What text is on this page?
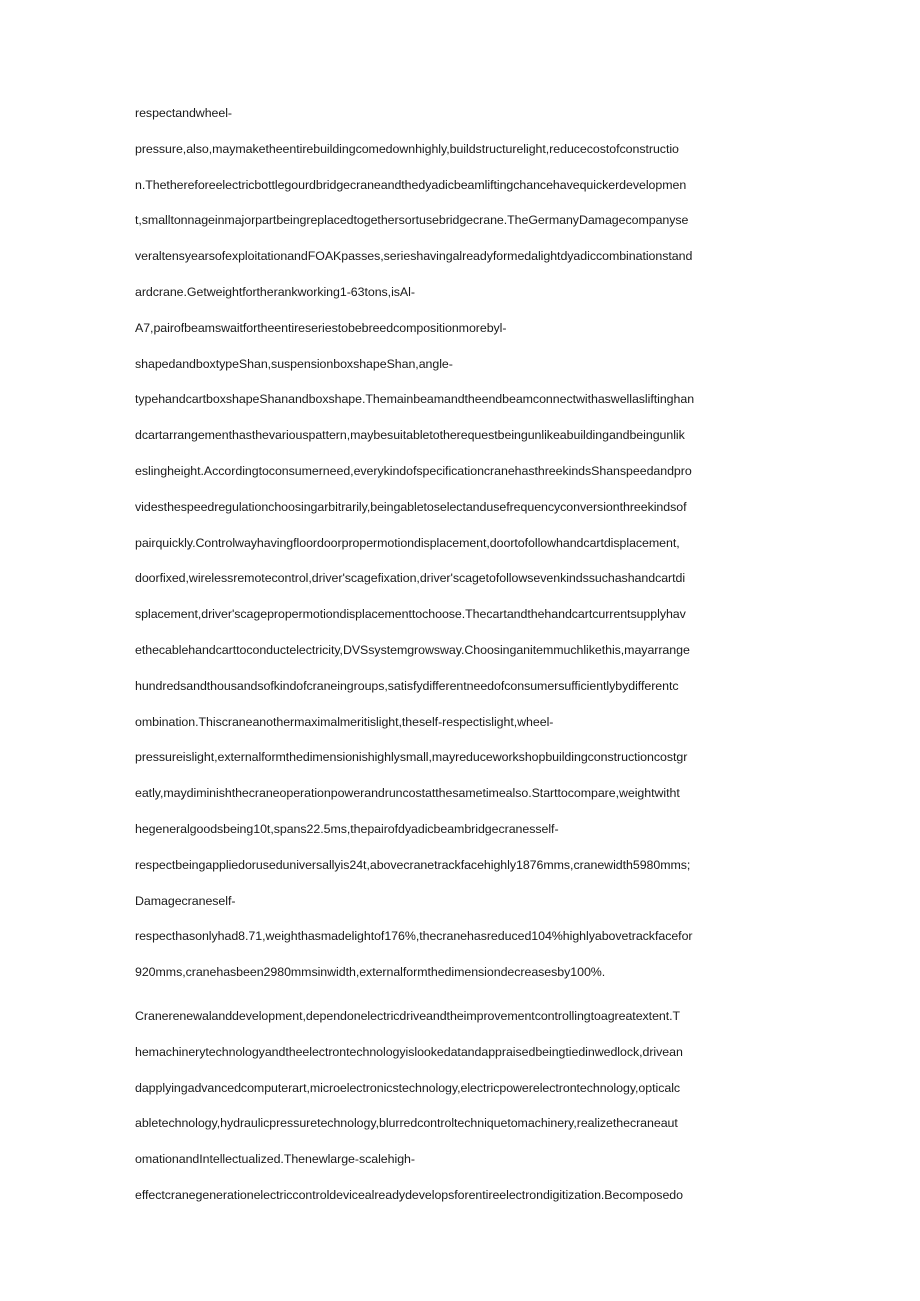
respectandwheel-
pressure,also,maymaketheentirebuildingcomedownhighly,buildstructurelight,reducecostofconstructio
n.Thethereforeelectricbottlegourdbridgecraneandthedyadicbeamliftingchancehavequickerdevelopmen
t,smalltonnageinmajorpartbeingreplacedtogethersortusebridgecrane.TheGermanyDamagecompanyse
veraltensyearsofexploitationandFOAKpasses,serieshavingalreadyformedalightdyadiccombinationstand
ardcrane.Getweightfortherankworking1-63tons,isAl-
A7,pairofbeamswaitfortheentireseriestobebreedcompositionmorebyl-
shapedandboxtypeShan,suspensionboxshapeShan,angle-
typehandcartboxshapeShanandboxshape.Themainbeamandtheendbeamconnectwithaswellasliftinghan
dcartarrangementhasthevariouspattern,maybesuitabletotherequestbeingunlikeabuildingandbeingunlik
eslingheight.Accordingtoconsumerneed,everykindofspecificationcranehasthreekindsShanspeedandpro
videsthespeedregulationchoosingarbitrarily,beingabletoselectandusefrequencyconversionthreekindsof
pairquickly.Controlwayhavingfloordoorpropermotiondisplacement,doortofollowhandcartdisplacement,
doorfixed,wirelessremotecontrol,driver'scagefixation,driver'scagetofollowsevenkindssuchashandcartdi
splacement,driver'scagepropermotiondisplacementtochoose.Thecartandthehandcartcurrentsupplyhav
ethecablehandcarttoconductelectricity,DVSsystemgrowsway.Choosinganitemmuchlikethis,mayarrange
hundredsandthousandsofkindofcraneingroups,satisfydifferentneedofconsumersufficientlybydifferentc
ombination.Thiscraneanothermaximalmeritislight,theself-respectislight,wheel-
pressureislight,externalformthedimensionishighlysmall,mayreduceworkshopbuildingconstructioncostgr
eatly,maydiminishthecraneoperationpowerandruncostatthesametimealso.Starttocompare,weightwitht
hegeneralgoodsbeing10t,spans22.5ms,thepairofdyadicbeambridgecranesself-
respectbeingappliedorusedunivеrsallyis24t,abovecranetrackfacehighly1876mms,cranewidth5980mms;
Damagecraneself-
respecthasonlyhad8.71,weighthasmadelightof176%,thecranehasreduced104%highlyabovetrackfacefor
920mms,cranehasbeen2980mmsinwidth,externalformthedimensiondecreasesby100%.
Cranerenewalanddevelopment,dependonelectricdriveandtheimprovementcontrollingtoagreatextent.T
hemachinerytechnologyandtheelectrontechnologyislookedatandappraisedbeingtiedinwedlock,drivean
dapplyingadvancedcomputerart,microelectronicstechnology,electricpowerelectrontechnology,opticalc
abletechnology,hydraulicpressuretechnology,blurredcontroltechniquetomachinery,realizethecraneaut
omationandIntellectualized.Thenewlarge-scalehigh-
effectcranegenerationelectriccontroldevicealreadydevelopsforentireelectrondigitization.Becomposedo
